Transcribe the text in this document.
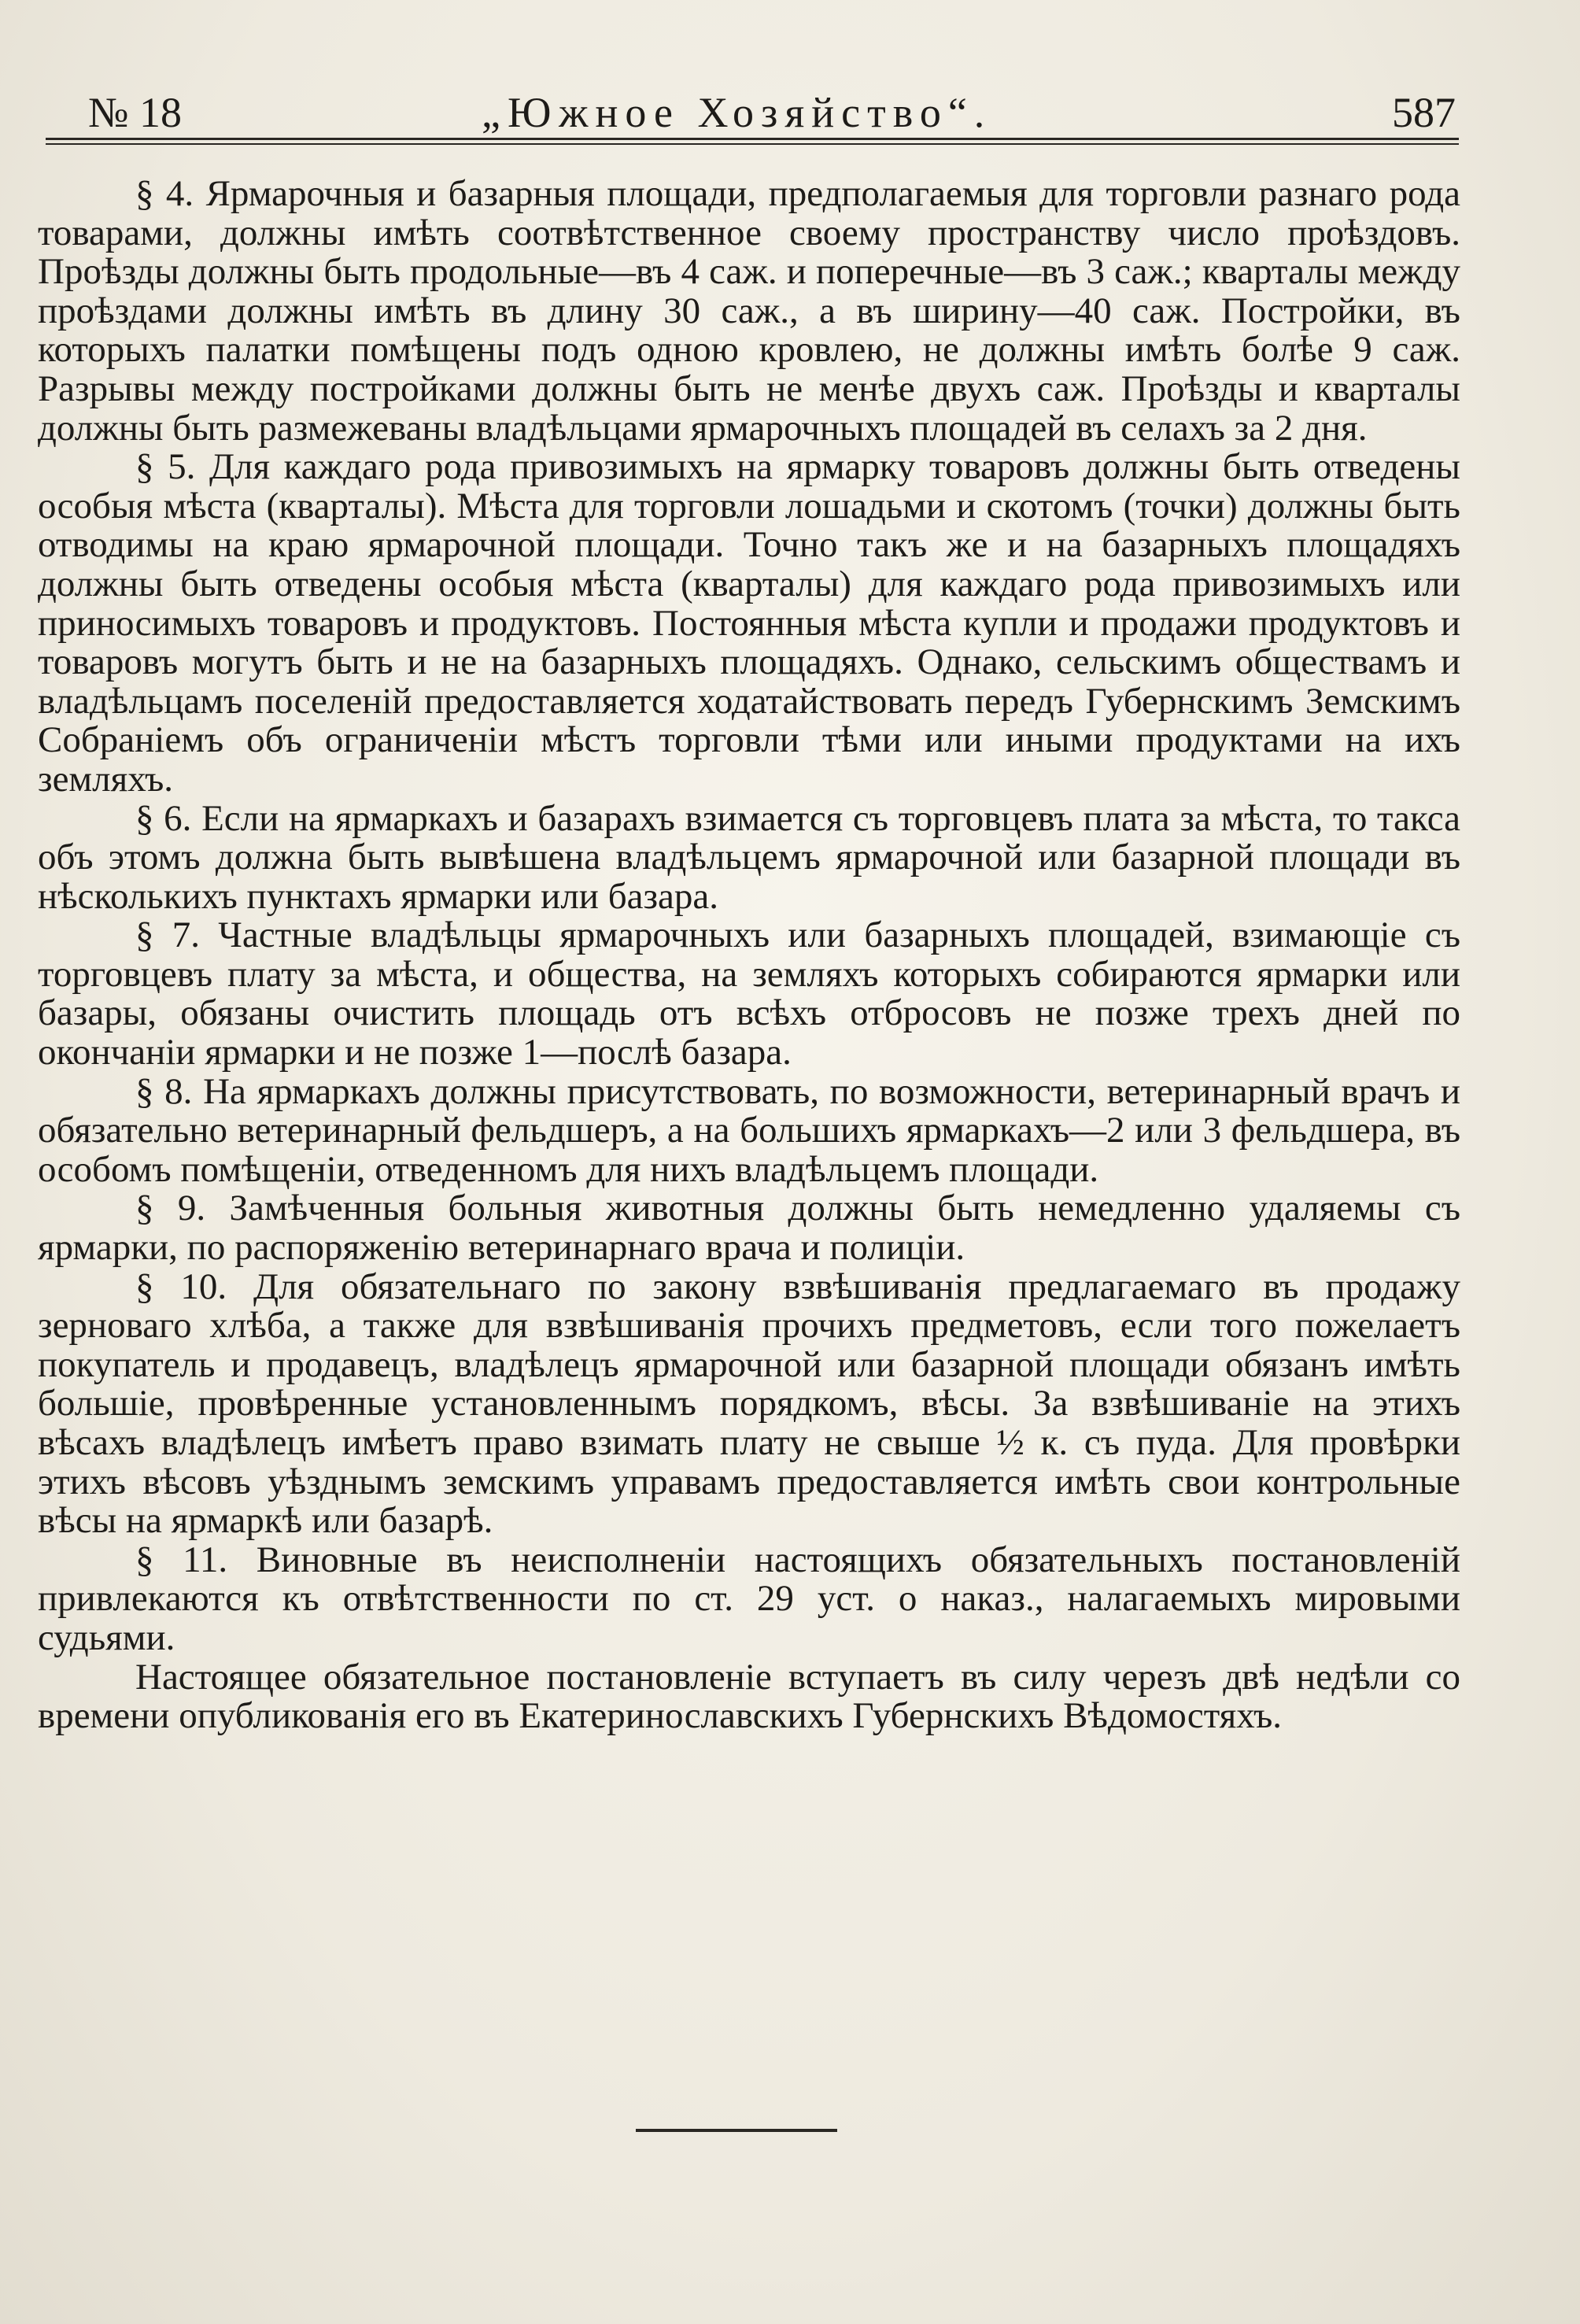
№ 18	„Южное Хозяйство“.	587

§ 4. Ярмарочныя и базарныя площади, предполагаемыя для торговли разнаго рода товарами, должны имѣть соотвѣтственное своему пространству число проѣздовъ. Проѣзды должны быть продольные—въ 4 саж. и поперечные—въ 3 саж.; кварталы между проѣздами должны имѣть въ длину 30 саж., а въ ширину—40 саж. Постройки, въ которыхъ палатки помѣщены подъ одною кровлею, не должны имѣть болѣе 9 саж. Разрывы между постройками должны быть не менѣе двухъ саж. Проѣзды и кварталы должны быть размежеваны владѣльцами ярмарочныхъ площадей въ селахъ за 2 дня.

§ 5. Для каждаго рода привозимыхъ на ярмарку товаровъ должны быть отведены особыя мѣста (кварталы). Мѣста для торговли лошадьми и скотомъ (точки) должны быть отводимы на краю ярмарочной площади. Точно такъ же и на базарныхъ площадяхъ должны быть отведены особыя мѣста (кварталы) для каждаго рода привозимыхъ или приносимыхъ товаровъ и продуктовъ. Постоянныя мѣста купли и продажи продуктовъ и товаровъ могутъ быть и не на базарныхъ площадяхъ. Однако, сельскимъ обществамъ и владѣльцамъ поселеній предоставляется ходатайствовать передъ Губернскимъ Земскимъ Собраніемъ объ ограниченіи мѣстъ торговли тѣми или иными продуктами на ихъ земляхъ.

§ 6. Если на ярмаркахъ и базарахъ взимается съ торговцевъ плата за мѣста, то такса объ этомъ должна быть вывѣшена владѣльцемъ ярмарочной или базарной площади въ нѣсколькихъ пунктахъ ярмарки или базара.

§ 7. Частные владѣльцы ярмарочныхъ или базарныхъ площадей, взимающіе съ торговцевъ плату за мѣста, и общества, на земляхъ которыхъ собираются ярмарки или базары, обязаны очистить площадь отъ всѣхъ отбросовъ не позже трехъ дней по окончаніи ярмарки и не позже 1—послѣ базара.

§ 8. На ярмаркахъ должны присутствовать, по возможности, ветеринарный врачъ и обязательно ветеринарный фельдшеръ, а на большихъ ярмаркахъ—2 или 3 фельдшера, въ особомъ помѣщеніи, отведенномъ для нихъ владѣльцемъ площади.

§ 9. Замѣченныя больныя животныя должны быть немедленно удаляемы съ ярмарки, по распоряженію ветеринарнаго врача и полиціи.

§ 10. Для обязательнаго по закону взвѣшиванія предлагаемаго въ продажу зерноваго хлѣба, а также для взвѣшиванія прочихъ предметовъ, если того пожелаетъ покупатель и продавецъ, владѣлецъ ярмарочной или базарной площади обязанъ имѣть большіе, провѣренные установленнымъ порядкомъ, вѣсы. За взвѣшиваніе на этихъ вѣсахъ владѣлецъ имѣетъ право взимать плату не свыше ½ к. съ пуда. Для провѣрки этихъ вѣсовъ уѣзднымъ земскимъ управамъ предоставляется имѣть свои контрольные вѣсы на ярмаркѣ или базарѣ.

§ 11. Виновные въ неисполненіи настоящихъ обязательныхъ постановленій привлекаются къ отвѣтственности по ст. 29 уст. о наказ., налагаемыхъ мировыми судьями.

Настоящее обязательное постановленіе вступаетъ въ силу черезъ двѣ недѣли со времени опубликованія его въ Екатеринославскихъ Губернскихъ Вѣдомостяхъ.
